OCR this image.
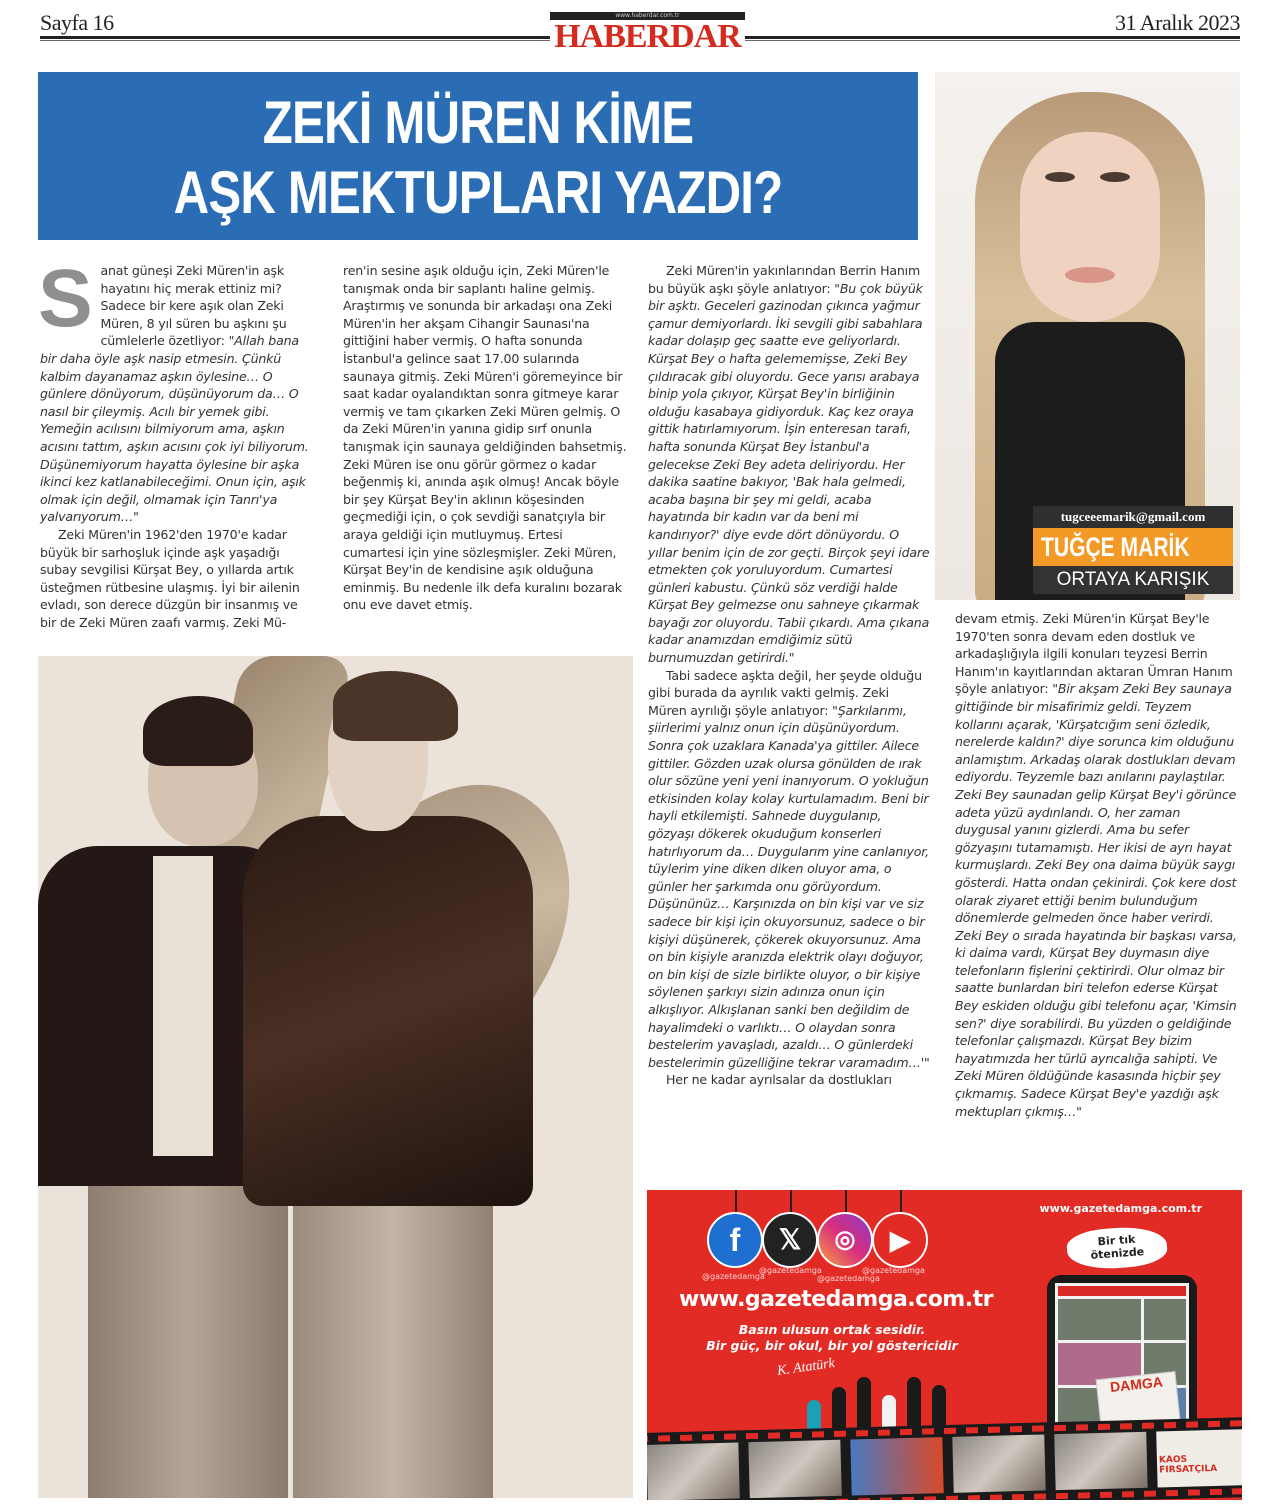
Sayfa 16	www.haberdar.com.tr
HABERDAR	31 Aralık 2023
ZEKİ MÜREN KİME
AŞK MEKTUPLARI YAZDI?
tugceeemarik@gmail.com
TUĞÇE MARİK
ORTAYA KARIŞIK

Sanat güneşi Zeki Müren'in aşk hayatını hiç merak ettiniz mi? Sadece bir kere aşık olan Zeki Müren, 8 yıl süren bu aşkını şu cümlelerle özetliyor: "Allah bana bir daha öyle aşk nasip etmesin. Çünkü kalbim dayanamaz aşkın öylesine… O günlere dönüyorum, düşünüyorum da… O nasıl bir çileymiş. Acılı bir yemek gibi. Yemeğin acılısını bilmiyorum ama, aşkın acısını tattım, aşkın acısını çok iyi biliyorum. Düşünemiyorum hayatta öylesine bir aşka ikinci kez katlanabileceğimi. Onun için, aşık olmak için değil, olmamak için Tanrı'ya yalvarıyorum…"

Zeki Müren'in 1962'den 1970'e kadar büyük bir sarhoşluk içinde aşk yaşadığı subay sevgilisi Kürşat Bey, o yıllarda artık üsteğmen rütbesine ulaşmış. İyi bir ailenin evladı, son derece düzgün bir insanmış ve bir de Zeki Müren zaafı varmış. Zeki Mü-

ren'in sesine aşık olduğu için, Zeki Müren'le tanışmak onda bir saplantı haline gelmiş. Araştırmış ve sonunda bir arkadaşı ona Zeki Müren'in her akşam Cihangir Saunası'na gittiğini haber vermiş. O hafta sonunda İstanbul'a gelince saat 17.00 sularında saunaya gitmiş. Zeki Müren'i göremeyince bir saat kadar oyalandıktan sonra gitmeye karar vermiş ve tam çıkarken Zeki Müren gelmiş. O da Zeki Müren'in yanına gidip sırf onunla tanışmak için saunaya geldiğinden bahsetmiş. Zeki Müren ise onu görür görmez o kadar beğenmiş ki, anında aşık olmuş! Ancak böyle bir şey Kürşat Bey'in aklının köşesinden geçmediği için, o çok sevdiği sanatçıyla bir araya geldiği için mutluymuş. Ertesi cumartesi için yine sözleşmişler. Zeki Müren, Kürşat Bey'in de kendisine aşık olduğuna eminmiş. Bu nedenle ilk defa kuralını bozarak onu eve davet etmiş.

Zeki Müren'in yakınlarından Berrin Hanım bu büyük aşkı şöyle anlatıyor: "Bu çok büyük bir aşktı. Geceleri gazinodan çıkınca yağmur çamur demiyorlardı. İki sevgili gibi sabahlara kadar dolaşıp geç saatte eve geliyorlardı. Kürşat Bey o hafta gelememişse, Zeki Bey çıldıracak gibi oluyordu. Gece yarısı arabaya binip yola çıkıyor, Kürşat Bey'in birliğinin olduğu kasabaya gidiyorduk. Kaç kez oraya gittik hatırlamıyorum. İşin enteresan tarafı, hafta sonunda Kürşat Bey İstanbul'a gelecekse Zeki Bey adeta deliriyordu. Her dakika saatine bakıyor, 'Bak hala gelmedi, acaba başına bir şey mi geldi, acaba hayatında bir kadın var da beni mi kandırıyor?' diye evde dört dönüyordu. O yıllar benim için de zor geçti. Birçok şeyi idare etmekten çok yoruluyordum. Cumartesi günleri kabustu. Çünkü söz verdiği halde Kürşat Bey gelmezse onu sahneye çıkarmak bayağı zor oluyordu. Tabii çıkardı. Ama çıkana kadar anamızdan emdiğimiz sütü burnumuzdan getirirdi."

Tabi sadece aşkta değil, her şeyde olduğu gibi burada da ayrılık vakti gelmiş. Zeki Müren ayrılığı şöyle anlatıyor: "Şarkılarımı, şiirlerimi yalnız onun için düşünüyordum. Sonra çok uzaklara Kanada'ya gittiler. Ailece gittiler. Gözden uzak olursa gönülden de ırak olur sözüne yeni yeni inanıyorum. O yokluğun etkisinden kolay kolay kurtulamadım. Beni bir hayli etkilemişti. Sahnede duygulanıp, gözyaşı dökerek okuduğum konserleri hatırlıyorum da… Duygularım yine canlanıyor, tüylerim yine diken diken oluyor ama, o günler her şarkımda onu görüyordum. Düşününüz… Karşınızda on bin kişi var ve siz sadece bir kişi için okuyorsunuz, sadece o bir kişiyi düşünerek, çökerek okuyorsunuz. Ama on bin kişiyle aranızda elektrik olayı doğuyor, on bin kişi de sizle birlikte oluyor, o bir kişiye söylenen şarkıyı sizin adınıza onun için alkışlıyor. Alkışlanan sanki ben değildim de hayalimdeki o varlıktı… O olaydan sonra bestelerim yavaşladı, azaldı… O günlerdeki bestelerimin güzelliğine tekrar varamadım…'"

Her ne kadar ayrılsalar da dostlukları

devam etmiş. Zeki Müren'in Kürşat Bey'le 1970'ten sonra devam eden dostluk ve arkadaşlığıyla ilgili konuları teyzesi Berrin Hanım'ın kayıtlarından aktaran Ümran Hanım şöyle anlatıyor: "Bir akşam Zeki Bey saunaya gittiğinde bir misafirimiz geldi. Teyzem kollarını açarak, 'Kürşatcığım seni özledik, nerelerde kaldın?' diye sorunca kim olduğunu anlamıştım. Arkadaş olarak dostlukları devam ediyordu. Teyzemle bazı anılarını paylaştılar. Zeki Bey saunadan gelip Kürşat Bey'i görünce adeta yüzü aydınlandı. O, her zaman duygusal yanını gizlerdi. Ama bu sefer gözyaşını tutamamıştı. Her ikisi de ayrı hayat kurmuşlardı. Zeki Bey ona daima büyük saygı gösterdi. Hatta ondan çekinirdi. Çok kere dost olarak ziyaret ettiği benim bulunduğum dönemlerde gelmeden önce haber verirdi. Zeki Bey o sırada hayatında bir başkası varsa, ki daima vardı, Kürşat Bey duymasın diye telefonların fişlerini çektirirdi. Olur olmaz bir saatte bunlardan biri telefon ederse Kürşat Bey eskiden olduğu gibi telefonu açar, 'Kimsin sen?' diye sorabilirdi. Bu yüzden o geldiğinde telefonlar çalışmazdı. Kürşat Bey bizim hayatımızda her türlü ayrıcalığa sahipti. Ve Zeki Müren öldüğünde kasasında hiçbir şey çıkmamış. Sadece Kürşat Bey'e yazdığı aşk mektupları çıkmış…"

f	𝕏	◎	▶
@gazetedamga
@gazetedamga
@gazetedamga
@gazetedamga
www.gazetedamga.com.tr
Basın ulusun ortak sesidir.
Bir güç, bir okul, bir yol göstericidir
K. Atatürk
www.gazetedamga.com.tr
Bir tık
ötenizde
DAMGA
KAOS FIRSATÇILA
